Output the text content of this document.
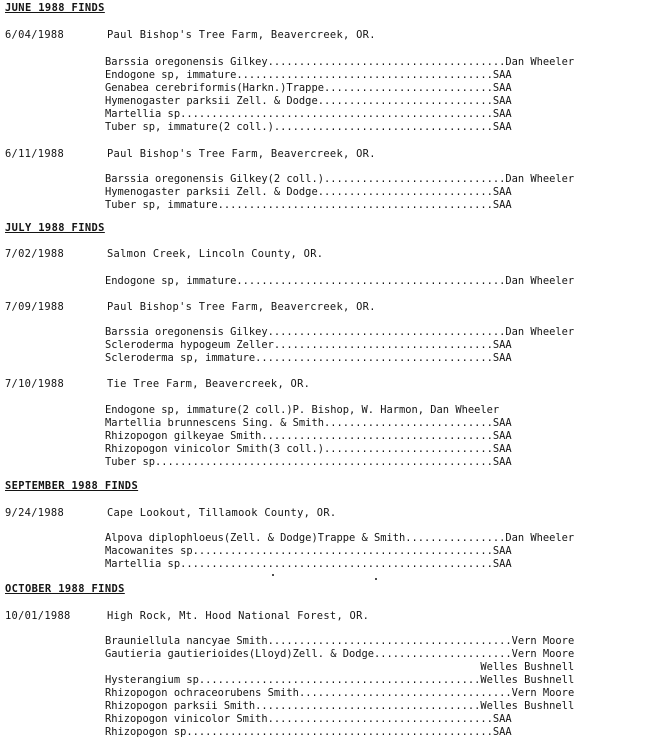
JUNE 1988 FINDS
6/04/1988	Paul Bishop's Tree Farm, Beavercreek, OR.
Barssia oregonensis Gilkey......................................Dan Wheeler
Endogone sp, immature.........................................SAA
Genabea cerebriformis(Harkn.)Trappe...........................SAA
Hymenogaster parksii Zell. & Dodge............................SAA
Martellia sp..................................................SAA
Tuber sp, immature(2 coll.)...................................SAA
6/11/1988	Paul Bishop's Tree Farm, Beavercreek, OR.
Barssia oregonensis Gilkey(2 coll.).............................Dan Wheeler
Hymenogaster parksii Zell. & Dodge............................SAA
Tuber sp, immature............................................SAA
JULY 1988 FINDS
7/02/1988	Salmon Creek, Lincoln County, OR.
Endogone sp, immature...........................................Dan Wheeler
7/09/1988	Paul Bishop's Tree Farm, Beavercreek, OR.
Barssia oregonensis Gilkey......................................Dan Wheeler
Scleroderma hypogeum Zeller...................................SAA
Scleroderma sp, immature......................................SAA
7/10/1988	Tie Tree Farm, Beavercreek, OR.
Endogone sp, immature(2 coll.)P. Bishop, W. Harmon, Dan Wheeler
Martellia brunnescens Sing. & Smith...........................SAA
Rhizopogon gilkeyae Smith.....................................SAA
Rhizopogon vinicolor Smith(3 coll.)...........................SAA
Tuber sp......................................................SAA
SEPTEMBER 1988 FINDS
9/24/1988	Cape Lookout, Tillamook County, OR.
Alpova diplophloeus(Zell. & Dodge)Trappe & Smith................Dan Wheeler
Macowanites sp................................................SAA
Martellia sp..................................................SAA
OCTOBER 1988 FINDS
10/01/1988	High Rock, Mt. Hood National Forest, OR.
Brauniellula nancyae Smith.......................................Vern Moore
Gautieria gautierioides(Lloyd)Zell. & Dodge......................Vern Moore
Welles Bushnell
Hysterangium sp.............................................Welles Bushnell
Rhizopogon ochraceorubens Smith..................................Vern Moore
Rhizopogon parksii Smith....................................Welles Bushnell
Rhizopogon vinicolor Smith....................................SAA
Rhizopogon sp.................................................SAA
